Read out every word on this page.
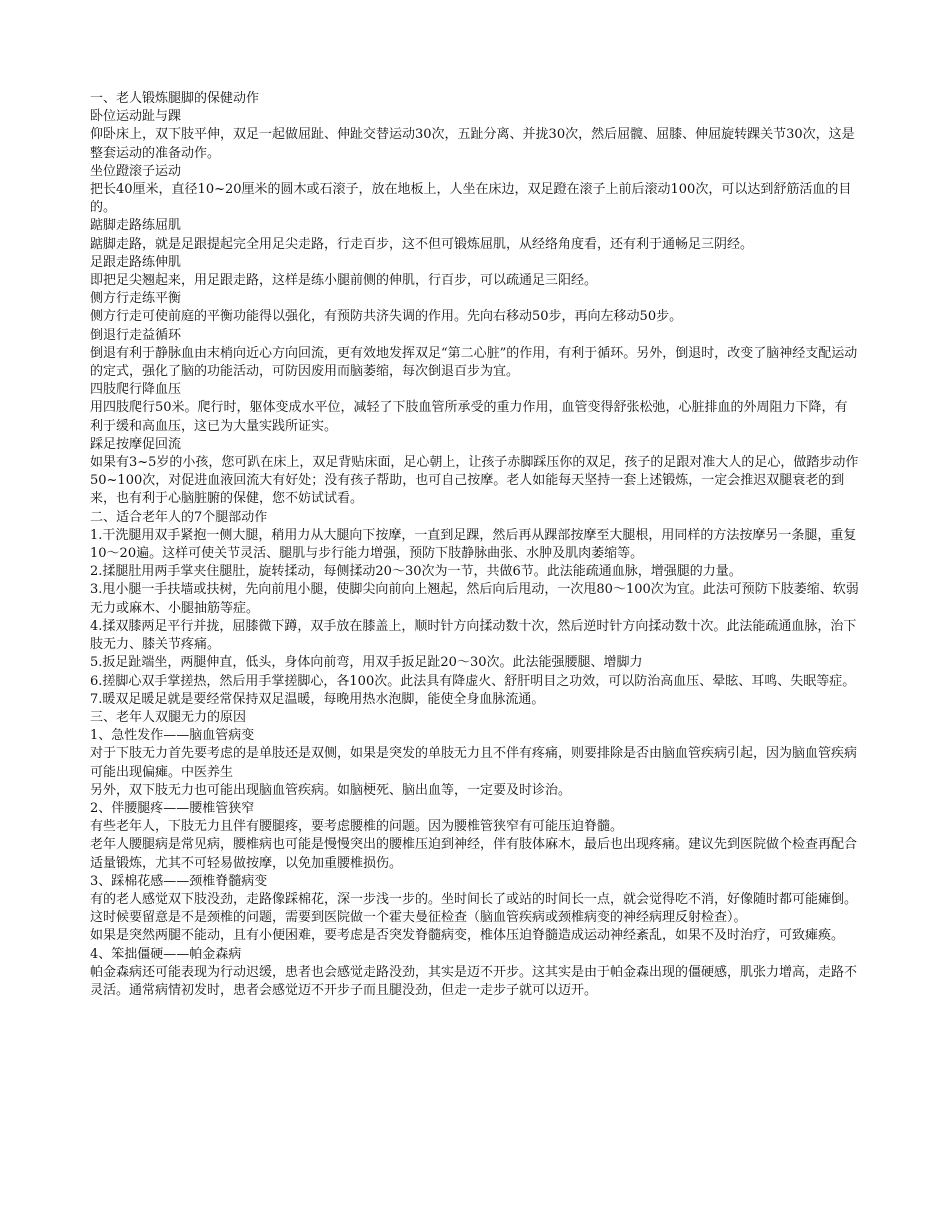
一、老人锻炼腿脚的保健动作

卧位运动趾与踝

仰卧床上，双下肢平伸，双足一起做屈趾、伸趾交替运动30次，五趾分离、并拢30次，然后屈髋、屈膝、伸屈旋转踝关节30次，这是整套运动的准备动作。

坐位蹬滚子运动

把长40厘米，直径10~20厘米的圆木或石滚子，放在地板上，人坐在床边，双足蹬在滚子上前后滚动100次，可以达到舒筋活血的目的。

踮脚走路练屈肌

踮脚走路，就是足跟提起完全用足尖走路，行走百步，这不但可锻炼屈肌，从经络角度看，还有利于通畅足三阴经。

足跟走路练伸肌

即把足尖翘起来，用足跟走路，这样是练小腿前侧的伸肌，行百步，可以疏通足三阳经。

侧方行走练平衡

侧方行走可使前庭的平衡功能得以强化，有预防共济失调的作用。先向右移动50步，再向左移动50步。

倒退行走益循环

倒退有利于静脉血由末梢向近心方向回流，更有效地发挥双足“第二心脏”的作用，有利于循环。另外，倒退时，改变了脑神经支配运动的定式，强化了脑的功能活动，可防因废用而脑萎缩，每次倒退百步为宜。

四肢爬行降血压

用四肢爬行50米。爬行时，躯体变成水平位，减轻了下肢血管所承受的重力作用，血管变得舒张松弛，心脏排血的外周阻力下降，有利于缓和高血压，这已为大量实践所证实。

踩足按摩促回流

如果有3~5岁的小孩，您可趴在床上，双足背贴床面，足心朝上，让孩子赤脚踩压你的双足，孩子的足跟对准大人的足心，做踏步动作50~100次，对促进血液回流大有好处；没有孩子帮助，也可自己按摩。老人如能每天坚持一套上述锻炼，一定会推迟双腿衰老的到来，也有利于心脑脏腑的保健，您不妨试试看。

二、适合老年人的7个腿部动作

1.干洗腿用双手紧抱一侧大腿，稍用力从大腿向下按摩，一直到足踝，然后再从踝部按摩至大腿根，用同样的方法按摩另一条腿，重复10～20遍。这样可使关节灵活、腿肌与步行能力增强，预防下肢静脉曲张、水肿及肌肉萎缩等。

2.揉腿肚用两手掌夹住腿肚，旋转揉动，每侧揉动20～30次为一节，共做6节。此法能疏通血脉，增强腿的力量。

3.甩小腿一手扶墙或扶树，先向前甩小腿，使脚尖向前向上翘起，然后向后甩动，一次甩80～100次为宜。此法可预防下肢萎缩、软弱无力或麻木、小腿抽筋等症。

4.揉双膝两足平行并拢，屈膝微下蹲，双手放在膝盖上，顺时针方向揉动数十次，然后逆时针方向揉动数十次。此法能疏通血脉，治下肢无力、膝关节疼痛。

5.扳足趾端坐，两腿伸直，低头，身体向前弯，用双手扳足趾20～30次。此法能强腰腿、增脚力

6.搓脚心双手掌搓热，然后用手掌搓脚心，各100次。此法具有降虚火、舒肝明目之功效，可以防治高血压、晕眩、耳鸣、失眠等症。

7.暖双足暖足就是要经常保持双足温暖，每晚用热水泡脚，能使全身血脉流通。

三、老年人双腿无力的原因

1、急性发作——脑血管病变

对于下肢无力首先要考虑的是单肢还是双侧，如果是突发的单肢无力且不伴有疼痛，则要排除是否由脑血管疾病引起，因为脑血管疾病可能出现偏瘫。中医养生

另外，双下肢无力也可能出现脑血管疾病。如脑梗死、脑出血等，一定要及时诊治。

2、伴腰腿疼——腰椎管狭窄

有些老年人，下肢无力且伴有腰腿疼，要考虑腰椎的问题。因为腰椎管狭窄有可能压迫脊髓。

老年人腰腿病是常见病，腰椎病也可能是慢慢突出的腰椎压迫到神经，伴有肢体麻木，最后也出现疼痛。建议先到医院做个检查再配合适量锻炼，尤其不可轻易做按摩，以免加重腰椎损伤。

3、踩棉花感——颈椎脊髓病变

有的老人感觉双下肢没劲，走路像踩棉花，深一步浅一步的。坐时间长了或站的时间长一点，就会觉得吃不消，好像随时都可能瘫倒。这时候要留意是不是颈椎的问题，需要到医院做一个霍夫曼征检查（脑血管疾病或颈椎病变的神经病理反射检查）。

如果是突然两腿不能动，且有小便困难，要考虑是否突发脊髓病变，椎体压迫脊髓造成运动神经紊乱，如果不及时治疗，可致瘫痪。

4、笨拙僵硬——帕金森病

帕金森病还可能表现为行动迟缓，患者也会感觉走路没劲，其实是迈不开步。这其实是由于帕金森出现的僵硬感，肌张力增高，走路不灵活。通常病情初发时，患者会感觉迈不开步子而且腿没劲，但走一走步子就可以迈开。
